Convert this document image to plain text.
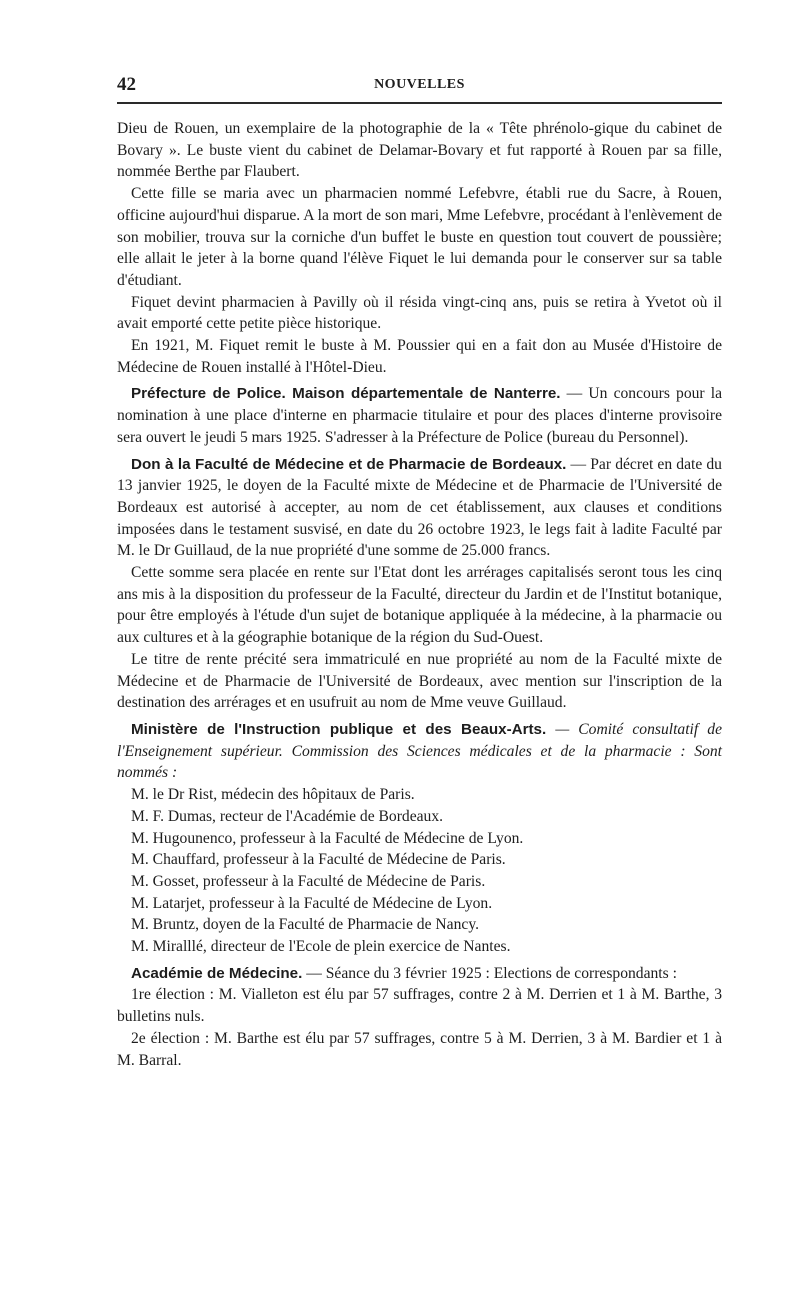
42	NOUVELLES

Dieu de Rouen, un exemplaire de la photographie de la « Tête phrénolo-gique du cabinet de Bovary ». Le buste vient du cabinet de Delamar-Bovary et fut rapporté à Rouen par sa fille, nommée Berthe par Flaubert.

Cette fille se maria avec un pharmacien nommé Lefebvre, établi rue du Sacre, à Rouen, officine aujourd'hui disparue. A la mort de son mari, Mme Lefebvre, procédant à l'enlèvement de son mobilier, trouva sur la corniche d'un buffet le buste en question tout couvert de poussière; elle allait le jeter à la borne quand l'élève Fiquet le lui demanda pour le conserver sur sa table d'étudiant.

Fiquet devint pharmacien à Pavilly où il résida vingt-cinq ans, puis se retira à Yvetot où il avait emporté cette petite pièce historique.

En 1921, M. Fiquet remit le buste à M. Poussier qui en a fait don au Musée d'Histoire de Médecine de Rouen installé à l'Hôtel-Dieu.

Préfecture de Police. Maison départementale de Nanterre. — Un concours pour la nomination à une place d'interne en pharmacie titulaire et pour des places d'interne provisoire sera ouvert le jeudi 5 mars 1925. S'adresser à la Préfecture de Police (bureau du Personnel).

Don à la Faculté de Médecine et de Pharmacie de Bordeaux. — Par décret en date du 13 janvier 1925, le doyen de la Faculté mixte de Médecine et de Pharmacie de l'Université de Bordeaux est autorisé à accepter, au nom de cet établissement, aux clauses et conditions imposées dans le testament susvisé, en date du 26 octobre 1923, le legs fait à ladite Faculté par M. le Dr Guillaud, de la nue propriété d'une somme de 25.000 francs.

Cette somme sera placée en rente sur l'Etat dont les arrérages capitalisés seront tous les cinq ans mis à la disposition du professeur de la Faculté, directeur du Jardin et de l'Institut botanique, pour être employés à l'étude d'un sujet de botanique appliquée à la médecine, à la pharmacie ou aux cultures et à la géographie botanique de la région du Sud-Ouest.

Le titre de rente précité sera immatriculé en nue propriété au nom de la Faculté mixte de Médecine et de Pharmacie de l'Université de Bordeaux, avec mention sur l'inscription de la destination des arrérages et en usufruit au nom de Mme veuve Guillaud.

Ministère de l'Instruction publique et des Beaux-Arts. — Comité consultatif de l'Enseignement supérieur. Commission des Sciences médicales et de la pharmacie : Sont nommés :

M. le Dr Rist, médecin des hôpitaux de Paris.
M. F. Dumas, recteur de l'Académie de Bordeaux.
M. Hugounenco, professeur à la Faculté de Médecine de Lyon.
M. Chauffard, professeur à la Faculté de Médecine de Paris.
M. Gosset, professeur à la Faculté de Médecine de Paris.
M. Latarjet, professeur à la Faculté de Médecine de Lyon.
M. Bruntz, doyen de la Faculté de Pharmacie de Nancy.
M. Miralllé, directeur de l'Ecole de plein exercice de Nantes.

Académie de Médecine. — Séance du 3 février 1925 : Elections de correspondants :

1re élection : M. Vialleton est élu par 57 suffrages, contre 2 à M. Derrien et 1 à M. Barthe, 3 bulletins nuls.

2e élection : M. Barthe est élu par 57 suffrages, contre 5 à M. Derrien, 3 à M. Bardier et 1 à M. Barral.
